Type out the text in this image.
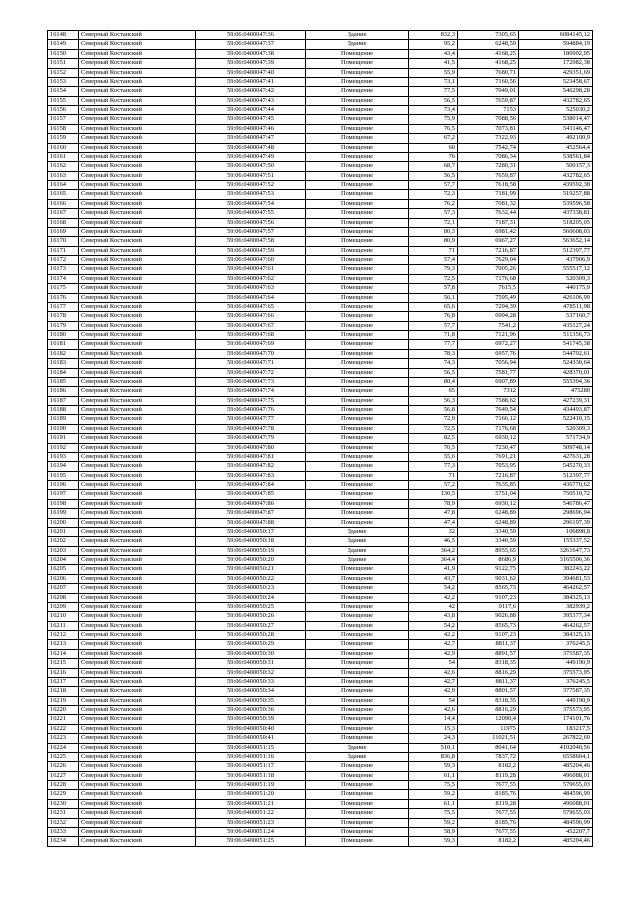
16148	Северный Костанский	59:06:0400047:36	Здание	832,3	7305,65	6084145,12
16149	Северный Костанский	59:06:0400047:37	Здание	95,2	6248,59	594884,19
16150	Северный Костанский	59:06:0400047:38	Помещение	43,4	4168,25	180902,05
16151	Северный Костанский	59:06:0400047:39	Помещение	41,5	4168,25	172982,38
16152	Северный Костанский	59:06:0400047:40	Помещение	55,9	7680,71	429351,69
16153	Северный Костанский	59:06:0400047:41	Помещение	73,1	7160,56	523458,67
16154	Северный Костанский	59:06:0400047:42	Помещение	77,5	7049,01	546298,28
16155	Северный Костанский	59:06:0400047:43	Помещение	56,5	7659,87	432782,65
16156	Северный Костанский	59:06:0400047:44	Помещение	73,4	7153	525030,2
16157	Северный Костанский	59:06:0400047:45	Помещение	75,9	7088,56	538014,47
16158	Северный Костанский	59:06:0400047:46	Помещение	76,5	7073,81	541146,47
16159	Северный Костанский	59:06:0400047:47	Помещение	67,2	7322,93	492100,9
16160	Северный Костанский	59:06:0400047:48	Помещение	60	7542,74	452564,4
16161	Северный Костанский	59:06:0400047:49	Помещение	76	7086,34	538561,84
16162	Северный Костанский	59:06:0400047:50	Помещение	68,7	7280,31	500157,3
16163	Северный Костанский	59:06:0400047:51	Помещение	56,5	7659,87	432782,65
16164	Северный Костанский	59:06:0400047:52	Помещение	57,7	7618,58	439592,38
16165	Северный Костанский	59:06:0400047:53	Помещение	72,3	7181,99	519257,88
16166	Северный Костанский	59:06:0400047:54	Помещение	76,2	7081,32	539596,58
16167	Северный Костанский	59:06:0400047:55	Помещение	57,3	7632,44	437338,81
16168	Северный Костанский	59:06:0400047:56	Помещение	72,1	7187,31	518205,05
16169	Северный Костанский	59:06:0400047:57	Помещение	80,3	6981,42	560608,03
16170	Северный Костанский	59:06:0400047:58	Помещение	80,9	6967,27	563652,14
16171	Северный Костанский	59:06:0400047:59	Помещение	71	7216,87	512397,77
16172	Северный Костанский	59:06:0400047:60	Помещение	57,4	7629,04	437906,9
16173	Северный Костанский	59:06:0400047:61	Помещение	79,3	7005,26	555517,12
16174	Северный Костанский	59:06:0400047:62	Помещение	72,5	7176,68	520309,3
16175	Северный Костанский	59:06:0400047:63	Помещение	57,8	7615,5	440175,9
16176	Северный Костанский	59:06:0400047:64	Помещение	56,1	7595,49	426106,99
16177	Северный Костанский	59:06:0400047:65	Помещение	65,6	7294,39	478511,98
16178	Северный Костанский	59:06:0400047:66	Помещение	76,8	6994,28	537160,7
16179	Северный Костанский	59:06:0400047:67	Помещение	57,7	7541,2	435127,24
16180	Северный Костанский	59:06:0400047:68	Помещение	71,8	7121,96	511356,73
16181	Северный Костанский	59:06:0400047:69	Помещение	77,7	6972,27	541745,38
16182	Северный Костанский	59:06:0400047:70	Помещение	78,3	6957,76	544792,61
16183	Северный Костанский	59:06:0400047:71	Помещение	74,3	7056,94	524330,64
16184	Северный Костанский	59:06:0400047:72	Помещение	56,5	7581,77	428370,01
16185	Северный Костанский	59:06:0400047:73	Помещение	80,4	6907,89	555394,36
16186	Северный Костанский	59:06:0400047:74	Помещение	65	7312	475280
16187	Северный Костанский	59:06:0400047:75	Помещение	56,3	7588,62	427239,31
16188	Северный Костанский	59:06:0400047:76	Помещение	56,8	7649,54	434493,87
16189	Северный Костанский	59:06:0400047:77	Помещение	72,9	7166,12	522410,15
16190	Северный Костанский	59:06:0400047:78	Помещение	72,5	7176,68	520309,3
16191	Северный Костанский	59:06:0400047:79	Помещение	82,5	6930,12	571734,9
16192	Северный Костанский	59:06:0400047:80	Помещение	70,5	7230,47	509748,14
16193	Северный Костанский	59:06:0400047:81	Помещение	55,6	7691,21	427631,28
16194	Северный Костанский	59:06:0400047:82	Помещение	77,3	7053,95	545270,33
16195	Северный Костанский	59:06:0400047:83	Помещение	71	7216,87	512397,77
16196	Северный Костанский	59:06:0400047:84	Помещение	57,2	7635,85	436770,62
16197	Северный Костанский	59:06:0400047:85	Помещение	130,5	5751,04	750510,72
16198	Северный Костанский	59:06:0400047:86	Помещение	78,9	6930,12	546786,47
16199	Северный Костанский	59:06:0400047:87	Помещение	47,8	6248,89	298696,94
16200	Северный Костанский	59:06:0400047:88	Помещение	47,4	6248,89	296197,39
16201	Северный Костанский	59:06:0400050:17	Здание	32	3340,59	106898,8
16202	Северный Костанский	59:06:0400050:18	Здание	46,5	3340,59	155337,52
16203	Северный Костанский	59:06:0400050:19	Здание	364,2	8955,65	3261647,73
16204	Северный Костанский	59:06:0400050:20	Здание	364,4	8686,9	3165506,36
16205	Северный Костанский	59:06:0400050:21	Помещение	41,9	9122,75	382243,22
16206	Северный Костанский	59:06:0400050:22	Помещение	43,7	9031,62	394681,53
16207	Северный Костанский	59:06:0400050:23	Помещение	54,2	8565,73	464262,57
16208	Северный Костанский	59:06:0400050:24	Помещение	42,2	9107,23	384325,13
16209	Северный Костанский	59:06:0400050:25	Помещение	42	9117,6	382939,2
16210	Северный Костанский	59:06:0400050:26	Помещение	43,8	9026,88	395377,34
16211	Северный Костанский	59:06:0400050:27	Помещение	54,2	8565,73	464262,57
16212	Северный Костанский	59:06:0400050:28	Помещение	42,2	9107,23	384325,13
16213	Северный Костанский	59:06:0400050:29	Помещение	42,7	8811,37	376245,5
16214	Северный Костанский	59:06:0400050:30	Помещение	42,9	8891,57	375587,35
16215	Северный Костанский	59:06:0400050:31	Помещение	54	8318,35	449190,9
16216	Северный Костанский	59:06:0400050:32	Помещение	42,6	8816,29	375573,95
16217	Северный Костанский	59:06:0400050:33	Помещение	42,7	8811,37	376245,5
16218	Северный Костанский	59:06:0400050:34	Помещение	42,9	8801,57	377587,35
16219	Северный Костанский	59:06:0400050:35	Помещение	54	8318,35	449190,9
16220	Северный Костанский	59:06:0400050:36	Помещение	42,6	8816,29	375573,95
16221	Северный Костанский	59:06:0400050:39	Помещение	14,4	12090,4	174101,76
16222	Северный Костанский	59:06:0400050:40	Помещение	15,3	11975	183217,5
16223	Северный Костанский	59:06:0400050:41	Помещение	24,3	11021,51	267822,69
16224	Северный Костанский	59:06:0400051:15	Здание	510,1	8041,64	4102040,56
16225	Северный Костанский	59:06:0400051:16	Здание	836,8	7837,72	6558604,1
16226	Северный Костанский	59:06:0400051:17	Помещение	59,3	8182,2	485204,46
16227	Северный Костанский	59:06:0400051:18	Помещение	61,1	8119,28	496088,01
16228	Северный Костанский	59:06:0400051:19	Помещение	75,5	7677,55	579655,03
16229	Северный Костанский	59:06:0400051:20	Помещение	59,2	8185,76	484596,99
16230	Северный Костанский	59:06:0400051:21	Помещение	61,1	8119,28	496088,01
16231	Северный Костанский	59:06:0400051:22	Помещение	75,5	7677,55	579655,03
16232	Северный Костанский	59:06:0400051:23	Помещение	59,2	8185,76	484596,99
16233	Северный Костанский	59:06:0400051:24	Помещение	58,9	7677,55	452207,7
16234	Северный Костанский	59:06:0400051:25	Помещение	59,3	8182,2	485204,46
